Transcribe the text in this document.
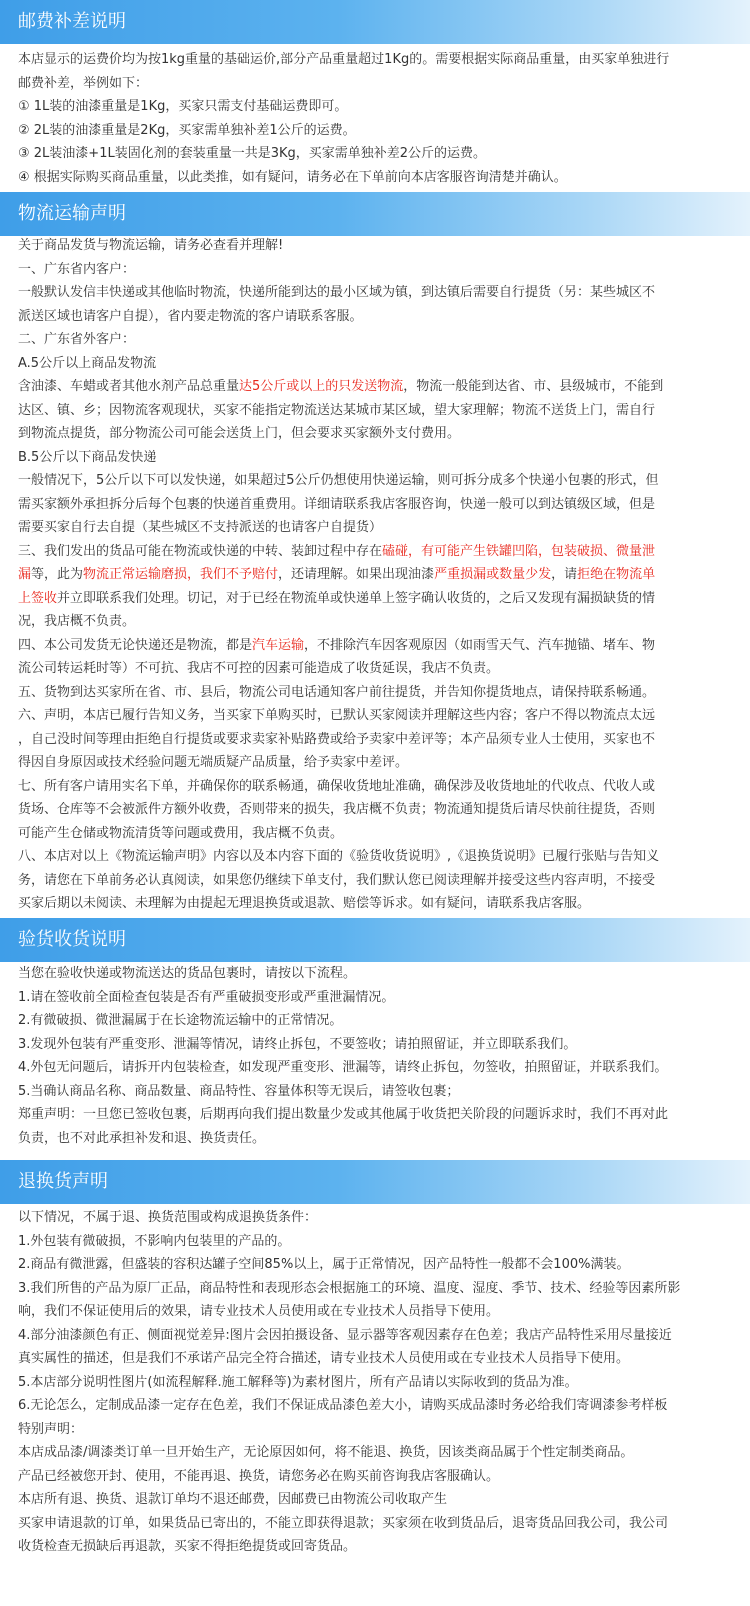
邮费补差说明

本店显示的运费价均为按1kg重量的基础运价,部分产品重量超过1Kg的。需要根据实际商品重量，由买家单独进行

邮费补差，举例如下：

① 1L装的油漆重量是1Kg，买家只需支付基础运费即可。

② 2L装的油漆重量是2Kg，买家需单独补差1公斤的运费。

③ 2L装油漆+1L装固化剂的套装重量一共是3Kg，买家需单独补差2公斤的运费。

④ 根据实际购买商品重量，以此类推，如有疑问，请务必在下单前向本店客服咨询清楚并确认。

物流运输声明

关于商品发货与物流运输，请务必查看并理解!

一、广东省内客户：

一般默认发信丰快递或其他临时物流，快递所能到达的最小区域为镇，到达镇后需要自行提货（另：某些城区不

派送区域也请客户自提），省内要走物流的客户请联系客服。

二、广东省外客户：

A.5公斤以上商品发物流

含油漆、车蜡或者其他水剂产品总重量达5公斤或以上的只发送物流，物流一般能到达省、市、县级城市，不能到

达区、镇、乡；因物流客观现状，买家不能指定物流送达某城市某区域，望大家理解；物流不送货上门，需自行

到物流点提货，部分物流公司可能会送货上门，但会要求买家额外支付费用。

B.5公斤以下商品发快递

一般情况下，5公斤以下可以发快递，如果超过5公斤仍想使用快递运输，则可拆分成多个快递小包裹的形式，但

需买家额外承担拆分后每个包裹的快递首重费用。详细请联系我店客服咨询，快递一般可以到达镇级区域，但是

需要买家自行去自提（某些城区不支持派送的也请客户自提货）

三、我们发出的货品可能在物流或快递的中转、装卸过程中存在磕碰，有可能产生铁罐凹陷，包装破损、微量泄

漏等，此为物流正常运输磨损，我们不予赔付，还请理解。如果出现油漆严重损漏或数量少发，请拒绝在物流单

上签收并立即联系我们处理。切记，对于已经在物流单或快递单上签字确认收货的，之后又发现有漏损缺货的情

况，我店概不负责。

四、本公司发货无论快递还是物流，都是汽车运输，不排除汽车因客观原因（如雨雪天气、汽车抛锚、堵车、物

流公司转运耗时等）不可抗、我店不可控的因素可能造成了收货延误，我店不负责。

五、货物到达买家所在省、市、县后，物流公司电话通知客户前往提货，并告知你提货地点，请保持联系畅通。

六、声明，本店已履行告知义务，当买家下单购买时，已默认买家阅读并理解这些内容；客户不得以物流点太远

，自己没时间等理由拒绝自行提货或要求卖家补贴路费或给予卖家中差评等；本产品须专业人士使用，买家也不

得因自身原因或技术经验问题无端质疑产品质量，给予卖家中差评。

七、所有客户请用实名下单，并确保你的联系畅通，确保收货地址准确，确保涉及收货地址的代收点、代收人或

货场、仓库等不会被派件方额外收费，否则带来的损失，我店概不负责；物流通知提货后请尽快前往提货，否则

可能产生仓储或物流清货等问题或费用，我店概不负责。

八、本店对以上《物流运输声明》内容以及本内容下面的《验货收货说明》,《退换货说明》已履行张贴与告知义

务，请您在下单前务必认真阅读，如果您仍继续下单支付，我们默认您已阅读理解并接受这些内容声明，不接受

买家后期以未阅读、未理解为由提起无理退换货或退款、赔偿等诉求。如有疑问，请联系我店客服。

验货收货说明

当您在验收快递或物流送达的货品包裹时，请按以下流程。

1.请在签收前全面检查包装是否有严重破损变形或严重泄漏情况。

2.有微破损、微泄漏属于在长途物流运输中的正常情况。

3.发现外包装有严重变形、泄漏等情况，请终止拆包，不要签收；请拍照留证，并立即联系我们。

4.外包无问题后，请拆开内包装检查，如发现严重变形、泄漏等，请终止拆包，勿签收，拍照留证，并联系我们。

5.当确认商品名称、商品数量、商品特性、容量体积等无误后，请签收包裹；

郑重声明：一旦您已签收包裹，后期再向我们提出数量少发或其他属于收货把关阶段的问题诉求时，我们不再对此

负责，也不对此承担补发和退、换货责任。

退换货声明

以下情况，不属于退、换货范围或构成退换货条件：

1.外包装有微破损，不影响内包装里的产品的。

2.商品有微泄露，但盛装的容积达罐子空间85%以上，属于正常情况，因产品特性一般都不会100%满装。

3.我们所售的产品为原厂正品，商品特性和表现形态会根据施工的环境、温度、湿度、季节、技术、经验等因素所影

响，我们不保证使用后的效果，请专业技术人员使用或在专业技术人员指导下使用。

4.部分油漆颜色有正、侧面视觉差异:图片会因拍摄设备、显示器等客观因素存在色差；我店产品特性采用尽量接近

真实属性的描述，但是我们不承诺产品完全符合描述，请专业技术人员使用或在专业技术人员指导下使用。

5.本店部分说明性图片(如流程解释.施工解释等)为素材图片，所有产品请以实际收到的货品为准。

6.无论怎么，定制成品漆一定存在色差，我们不保证成品漆色差大小，请购买成品漆时务必给我们寄调漆参考样板

特别声明：

本店成品漆/调漆类订单一旦开始生产，无论原因如何，将不能退、换货，因该类商品属于个性定制类商品。

产品已经被您开封、使用，不能再退、换货，请您务必在购买前咨询我店客服确认。

本店所有退、换货、退款订单均不退还邮费，因邮费已由物流公司收取产生

买家申请退款的订单，如果货品已寄出的，不能立即获得退款；买家须在收到货品后，退寄货品回我公司，我公司

收货检查无损缺后再退款，买家不得拒绝提货或回寄货品。
